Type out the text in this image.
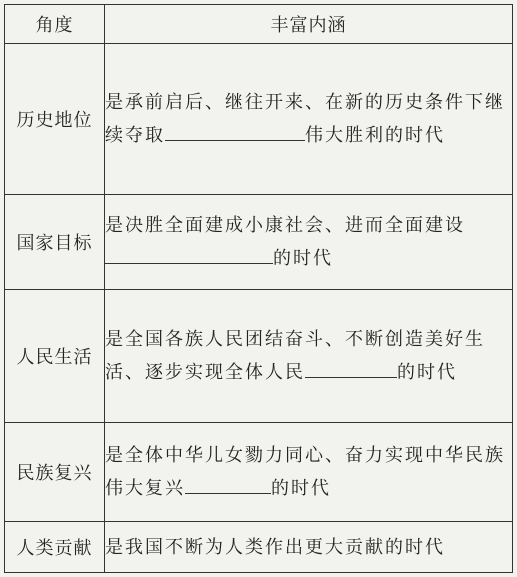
角度	丰富内涵
历史地位	是承前启后、继往开来、在新的历史条件下继续夺取 伟大胜利的时代
国家目标	是决胜全面建成小康社会、进而全面建设的时代
人民生活	是全国各族人民团结奋斗、不断创造美好生活、逐步实现全体人民 的时代
民族复兴	是全体中华儿女勠力同心、奋力实现中华民族伟大复兴 的时代
人类贡献	是我国不断为人类作出更大贡献的时代
